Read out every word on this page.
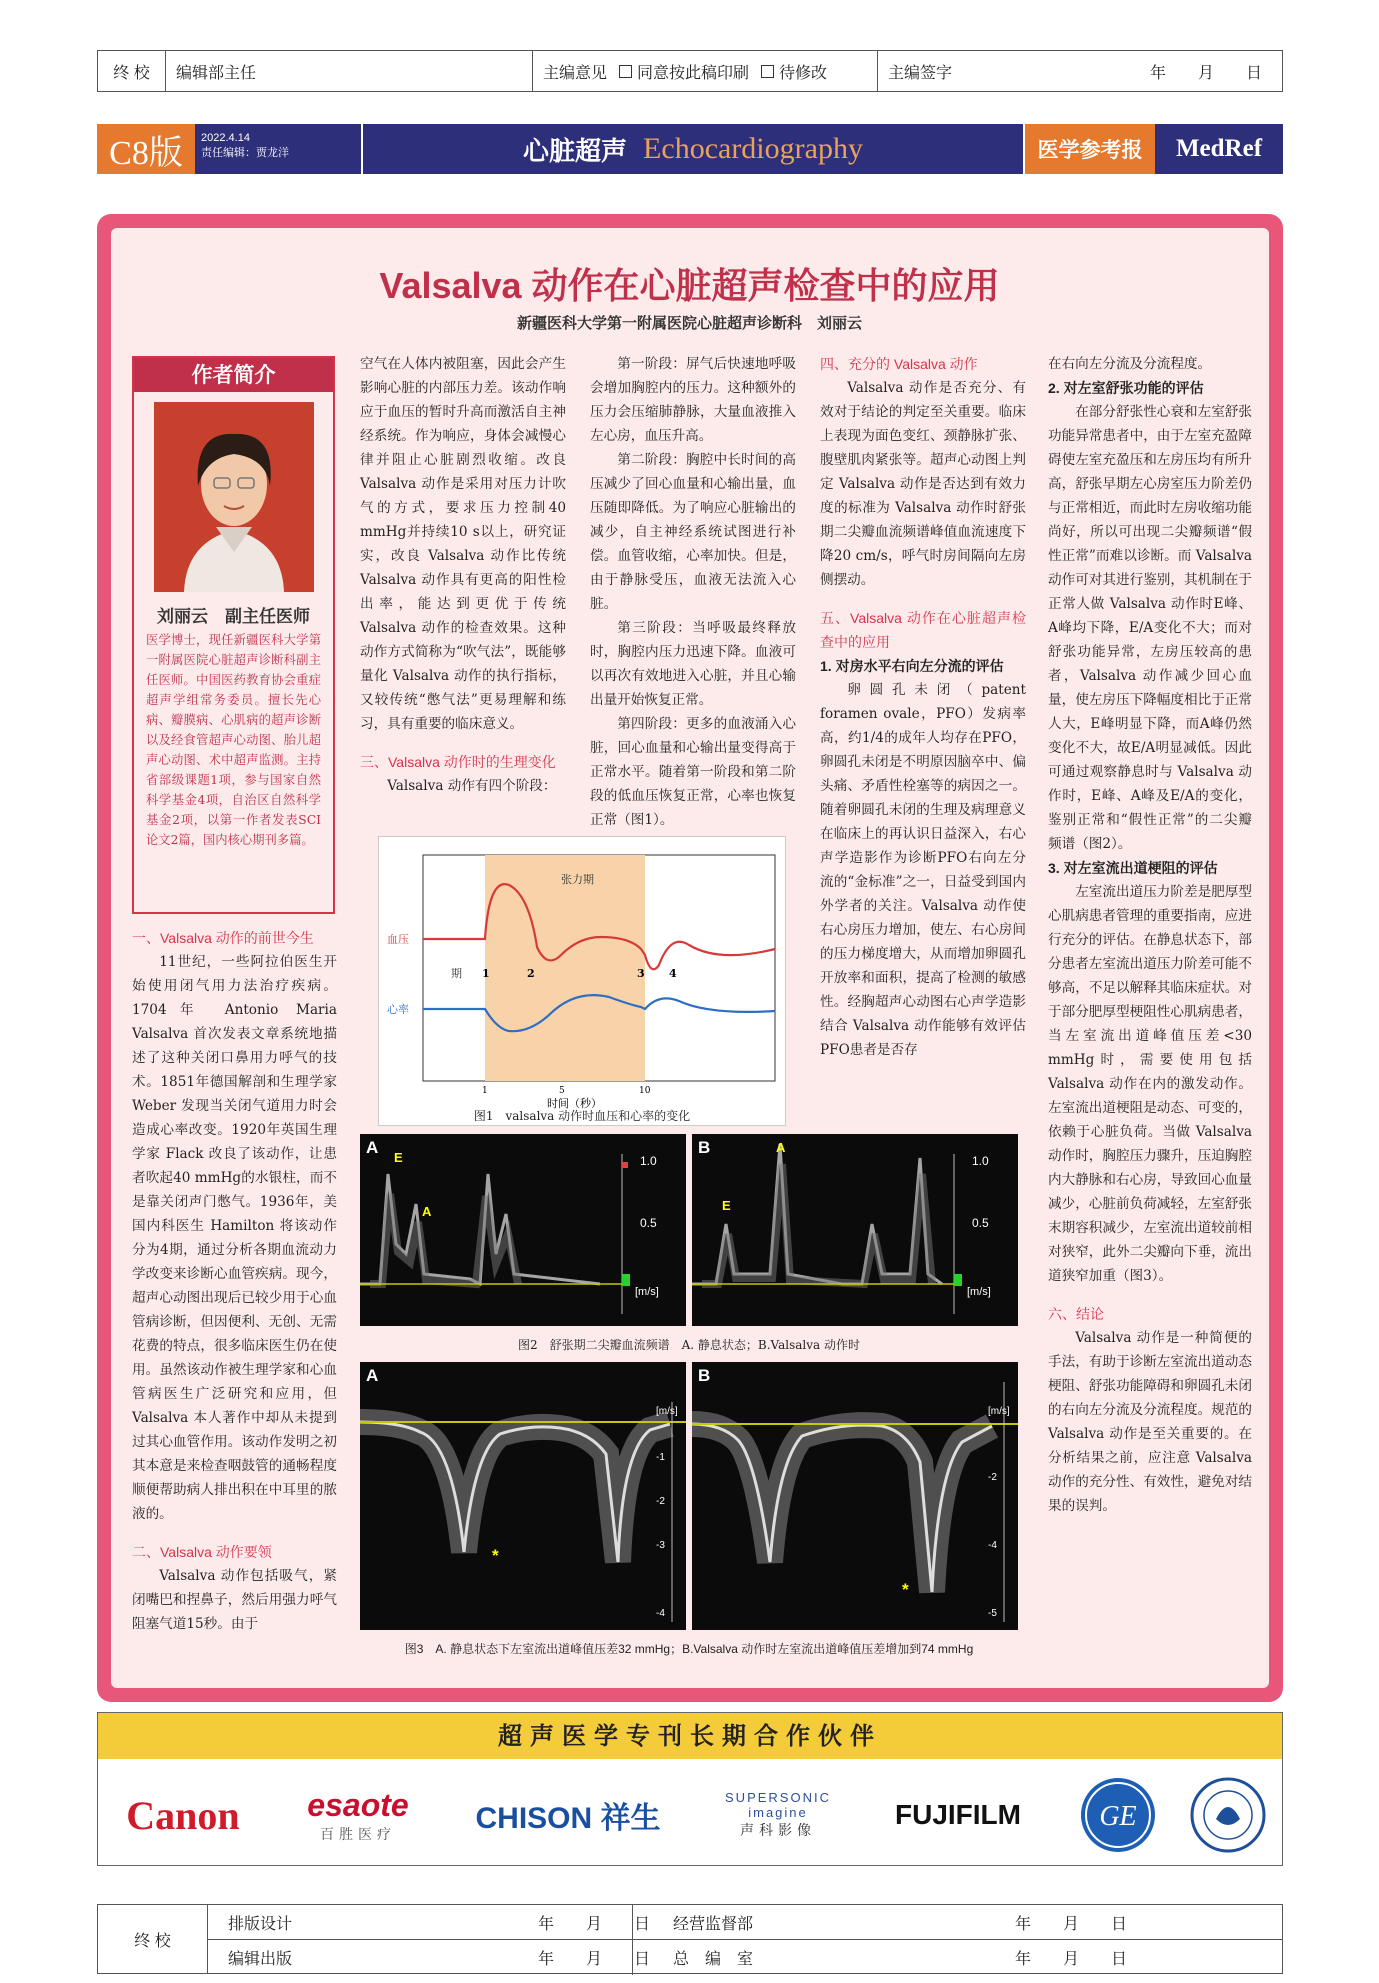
终 校	编辑部主任	主编意见 同意按此稿印刷 待修改	主编签字	年　　月　　日
C8版	2022.4.14
责任编辑：贾龙洋	心脏超声 Echocardiography	医学参考报	MedRef
Valsalva 动作在心脏超声检查中的应用
新疆医科大学第一附属医院心脏超声诊断科　刘丽云
作者简介
刘丽云　副主任医师
医学博士，现任新疆医科大学第一附属医院心脏超声诊断科副主任医师。中国医药教育协会重症超声学组常务委员。擅长先心病、瓣膜病、心肌病的超声诊断以及经食管超声心动图、胎儿超声心动图、术中超声监测。主持省部级课题1项，参与国家自然科学基金4项，自治区自然科学基金2项，以第一作者发表SCI论文2篇，国内核心期刊多篇。
一、Valsalva 动作的前世今生

11世纪，一些阿拉伯医生开始使用闭气用力法治疗疾病。1704年 Antonio Maria Valsalva 首次发表文章系统地描述了这种关闭口鼻用力呼气的技术。1851年德国解剖和生理学家 Weber 发现当关闭气道用力时会造成心率改变。1920年英国生理学家 Flack 改良了该动作，让患者吹起40 mmHg的水银柱，而不是靠关闭声门憋气。1936年，美国内科医生 Hamilton 将该动作分为4期，通过分析各期血流动力学改变来诊断心血管疾病。现今，超声心动图出现后已较少用于心血管病诊断，但因便利、无创、无需花费的特点，很多临床医生仍在使用。虽然该动作被生理学家和心血管病医生广泛研究和应用，但 Valsalva 本人著作中却从未提到过其心血管作用。该动作发明之初其本意是来检查咽鼓管的通畅程度顺便帮助病人排出积在中耳里的脓液的。

二、Valsalva 动作要领

Valsalva 动作包括吸气，紧闭嘴巴和捏鼻子，然后用强力呼气阻塞气道15秒。由于

空气在人体内被阻塞，因此会产生影响心脏的内部压力差。该动作响应于血压的暂时升高而激活自主神经系统。作为响应，身体会减慢心律并阻止心脏剧烈收缩。改良 Valsalva 动作是采用对压力计吹气的方式，要求压力控制40 mmHg并持续10 s以上，研究证实，改良 Valsalva 动作比传统 Valsalva 动作具有更高的阳性检出率，能达到更优于传统 Valsalva 动作的检查效果。这种动作方式简称为“吹气法”，既能够量化 Valsalva 动作的执行指标，又较传统“憋气法”更易理解和练习，具有重要的临床意义。

三、Valsalva 动作时的生理变化

Valsalva 动作有四个阶段：

第一阶段：屏气后快速地呼吸会增加胸腔内的压力。这种额外的压力会压缩肺静脉，大量血液推入左心房，血压升高。

第二阶段：胸腔中长时间的高压减少了回心血量和心输出量，血压随即降低。为了响应心脏输出的减少，自主神经系统试图进行补偿。血管收缩，心率加快。但是，由于静脉受压，血液无法流入心脏。

第三阶段：当呼吸最终释放时，胸腔内压力迅速下降。血液可以再次有效地进入心脏，并且心输出量开始恢复正常。

第四阶段：更多的血液涌入心脏，回心血量和心输出量变得高于正常水平。随着第一阶段和第二阶段的低血压恢复正常，心率也恢复正常（图1）。

四、充分的 Valsalva 动作

Valsalva 动作是否充分、有效对于结论的判定至关重要。临床上表现为面色变红、颈静脉扩张、腹壁肌肉紧张等。超声心动图上判定 Valsalva 动作是否达到有效力度的标准为 Valsalva 动作时舒张期二尖瓣血流频谱峰值血流速度下降20 cm/s，呼气时房间隔向左房侧摆动。

五、Valsalva 动作在心脏超声检查中的应用
1. 对房水平右向左分流的评估

卵圆孔未闭（patent foramen ovale，PFO）发病率高，约1/4的成年人均存在PFO，卵圆孔未闭是不明原因脑卒中、偏头痛、矛盾性栓塞等的病因之一。随着卵圆孔未闭的生理及病理意义在临床上的再认识日益深入，右心声学造影作为诊断PFO右向左分流的“金标准”之一，日益受到国内外学者的关注。Valsalva 动作使右心房压力增加，使左、右心房间的压力梯度增大，从而增加卵圆孔开放率和面积，提高了检测的敏感性。经胸超声心动图右心声学造影结合 Valsalva 动作能够有效评估PFO患者是否存

在右向左分流及分流程度。

2. 对左室舒张功能的评估

在部分舒张性心衰和左室舒张功能异常患者中，由于左室充盈障碍使左室充盈压和左房压均有所升高，舒张早期左心房室压力阶差仍与正常相近，而此时左房收缩功能尚好，所以可出现二尖瓣频谱“假性正常”而难以诊断。而 Valsalva 动作可对其进行鉴别，其机制在于正常人做 Valsalva 动作时E峰、A峰均下降，E/A变化不大；而对舒张功能异常，左房压较高的患者，Valsalva 动作减少回心血量，使左房压下降幅度相比于正常人大，E峰明显下降，而A峰仍然变化不大，故E/A明显减低。因此可通过观察静息时与 Valsalva 动作时，E峰、A峰及E/A的变化，鉴别正常和“假性正常”的二尖瓣频谱（图2）。

3. 对左室流出道梗阻的评估

左室流出道压力阶差是肥厚型心肌病患者管理的重要指南，应进行充分的评估。在静息状态下，部分患者左室流出道压力阶差可能不够高，不足以解释其临床症状。对于部分肥厚型梗阻性心肌病患者，当左室流出道峰值压差<30 mmHg时，需要使用包括 Valsalva 动作在内的激发动作。左室流出道梗阻是动态、可变的，依赖于心脏负荷。当做 Valsalva 动作时，胸腔压力骤升，压迫胸腔内大静脉和右心房，导致回心血量减少，心脏前负荷减轻，左室舒张末期容积减少，左室流出道较前相对狭窄，此外二尖瓣向下垂，流出道狭窄加重（图3）。

六、结论

Valsalva 动作是一种简便的手法，有助于诊断左室流出道动态梗阻、舒张功能障碍和卵圆孔未闭的右向左分流及分流程度。规范的 Valsalva 动作是至关重要的。在分析结果之前，应注意 Valsalva 动作的充分性、有效性，避免对结果的误判。

张力期
血压
心率
期 1	2	3 4
1	5	10
时间（秒）
图1　valsalva 动作时血压和心率的变化
A
E
A
1.0
0.5
[m/s]
B
E
A
1.0
0.5
[m/s]
图2　舒张期二尖瓣血流频谱　A. 静息状态；B.Valsalva 动作时
A
*
[m/s]
-1
-2
-3
-4
B
*
[m/s]
-2
-4
-5
图3　A. 静息状态下左室流出道峰值压差32 mmHg；B.Valsalva 动作时左室流出道峰值压差增加到74 mmHg
超声医学专刊长期合作伙伴
Canon esaote
百胜医疗	CHISON 祥生
SUPERSONIC imagine
声科影像
FUJIFILM	GE
终 校
排版设计	年　　月　　日	经营监督部	年　　月　　日
编辑出版	年　　月　　日	总　编　室	年　　月　　日
